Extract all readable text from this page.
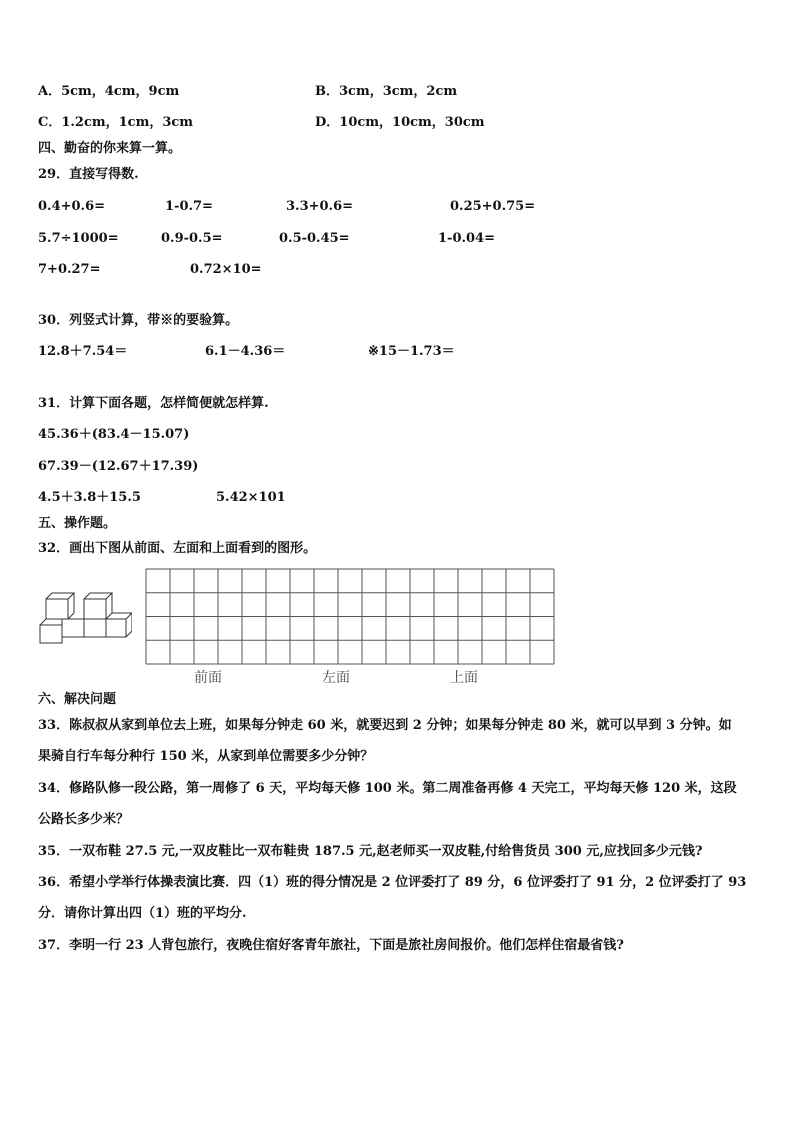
A．5cm，4cm，9cm	B．3cm，3cm，2cm
C．1.2cm，1cm，3cm	D．10cm，10cm，30cm
四、勤奋的你来算一算。
29．直接写得数.
0.4+0.6=	1-0.7=	3.3+0.6=	0.25+0.75=
5.7÷1000=	0.9-0.5=	0.5-0.45=	1-0.04=
7+0.27=	0.72×10=
30．列竖式计算，带※的要验算。
12.8＋7.54＝	6.1－4.36＝	※15－1.73＝
31．计算下面各题，怎样简便就怎样算.
45.36＋(83.4－15.07)
67.39－(12.67＋17.39)
4.5＋3.8＋15.5	5.42×101
五、操作题。
32．画出下图从前面、左面和上面看到的图形。
前面	左面	上面
六、解决问题
33．陈叔叔从家到单位去上班，如果每分钟走 60 米，就要迟到 2 分钟；如果每分钟走 80 米，就可以早到 3 分钟。如
果骑自行车每分种行 150 米，从家到单位需要多少分钟？
34．修路队修一段公路，第一周修了 6 天，平均每天修 100 米。第二周准备再修 4 天完工，平均每天修 120 米，这段
公路长多少米？
35．一双布鞋 27.5 元,一双皮鞋比一双布鞋贵 187.5 元,赵老师买一双皮鞋,付给售货员 300 元,应找回多少元钱?
36．希望小学举行体操表演比赛．四（1）班的得分情况是 2 位评委打了 89 分，6 位评委打了 91 分，2 位评委打了 93
分．请你计算出四（1）班的平均分.
37．李明一行 23 人背包旅行，夜晚住宿好客青年旅社，下面是旅社房间报价。他们怎样住宿最省钱?
